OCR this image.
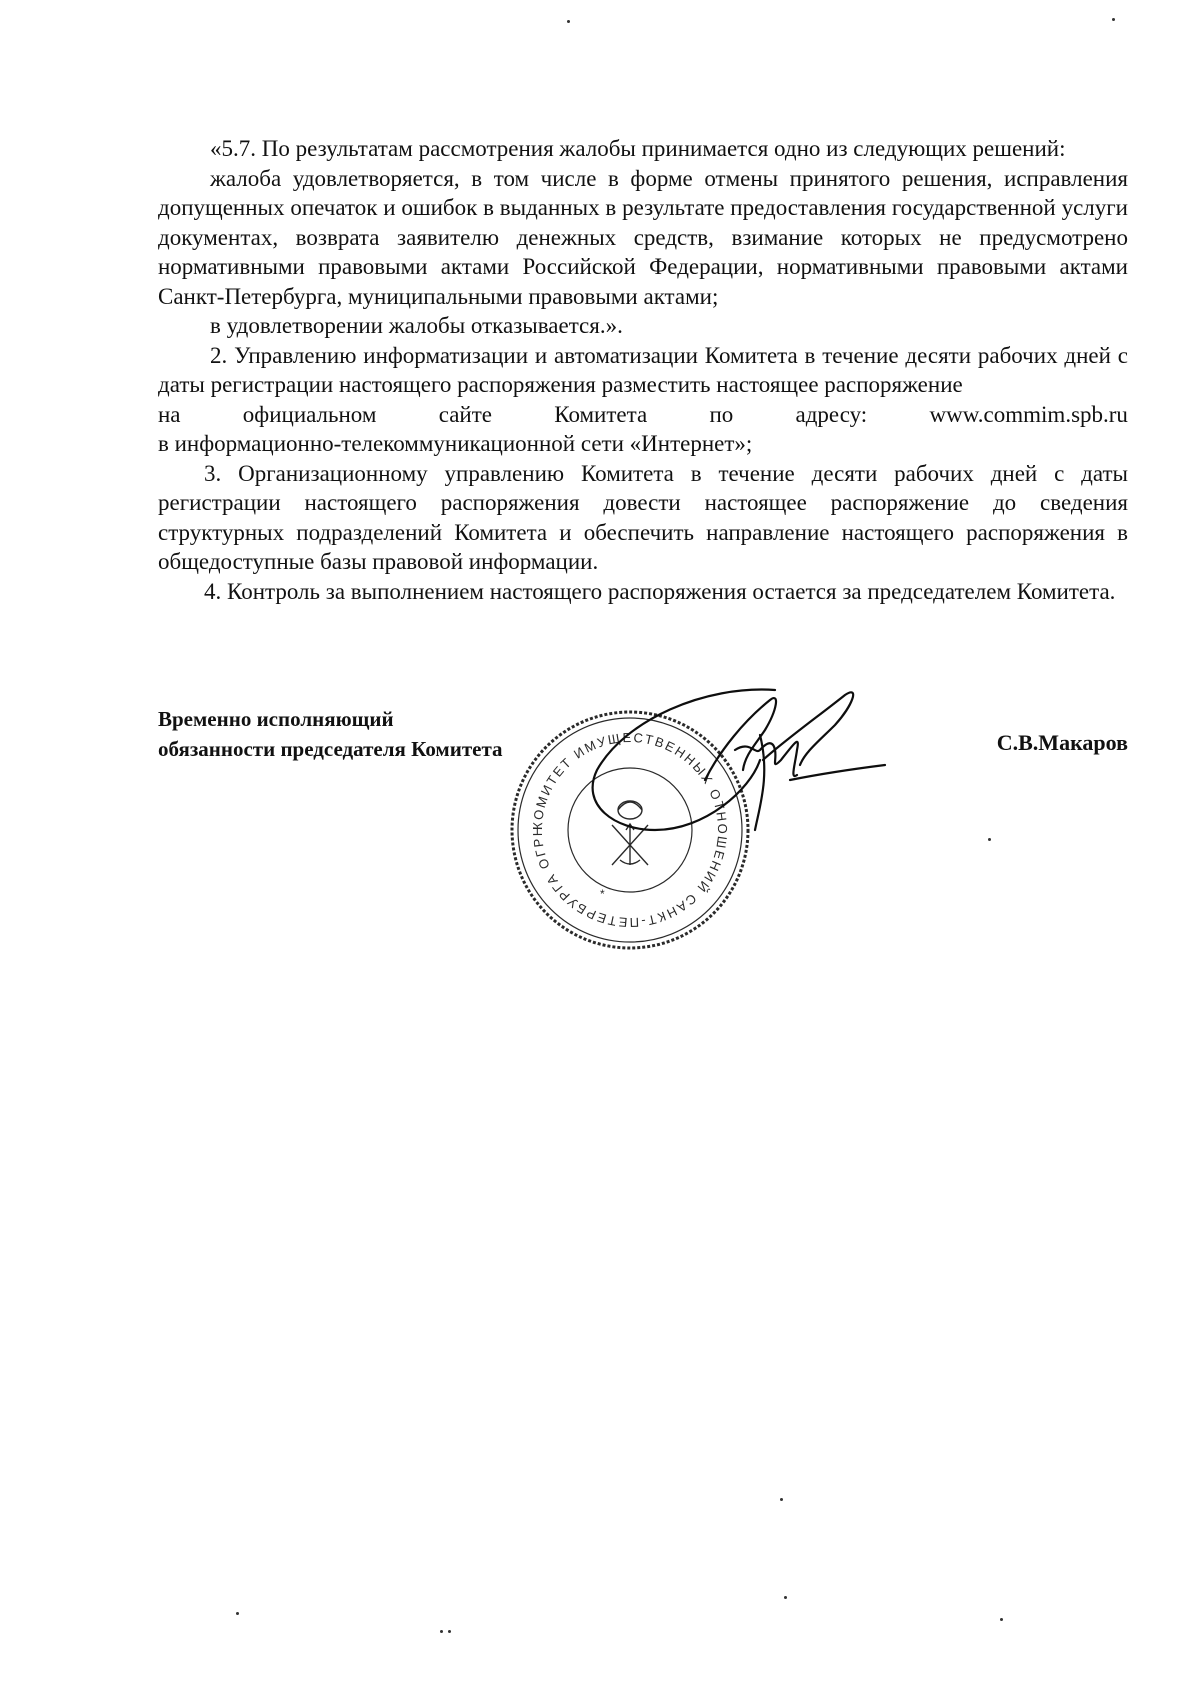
«5.7. По результатам рассмотрения жалобы принимается одно из следующих решений:

жалоба удовлетворяется, в том числе в форме отмены принятого решения, исправления допущенных опечаток и ошибок в выданных в результате предоставления государственной услуги документах, возврата заявителю денежных средств, взимание которых не предусмотрено нормативными правовыми актами Российской Федерации, нормативными правовыми актами Санкт-Петербурга, муниципальными правовыми актами;

в удовлетворении жалобы отказывается.».

2. Управлению информатизации и автоматизации Комитета в течение десяти рабочих дней с даты регистрации настоящего распоряжения разместить настоящее распоряжение

на	официальном	сайте	Комитета	по	адресу:	www.commim.spb.ru

в информационно-телекоммуникационной сети «Интернет»;

3. Организационному управлению Комитета в течение десяти рабочих дней с даты регистрации настоящего распоряжения довести настоящее распоряжение до сведения структурных подразделений Комитета и обеспечить направление настоящего распоряжения в общедоступные базы правовой информации.

4. Контроль за выполнением настоящего распоряжения остается за председателем Комитета.

КОМИТЕТ ИМУЩЕСТВЕННЫХ ОТНОШЕНИЙ САНКТ-ПЕТЕРБУРГА ОГРН
*

Временно исполняющий

обязанности председателя Комитета	С.В.Макаров
